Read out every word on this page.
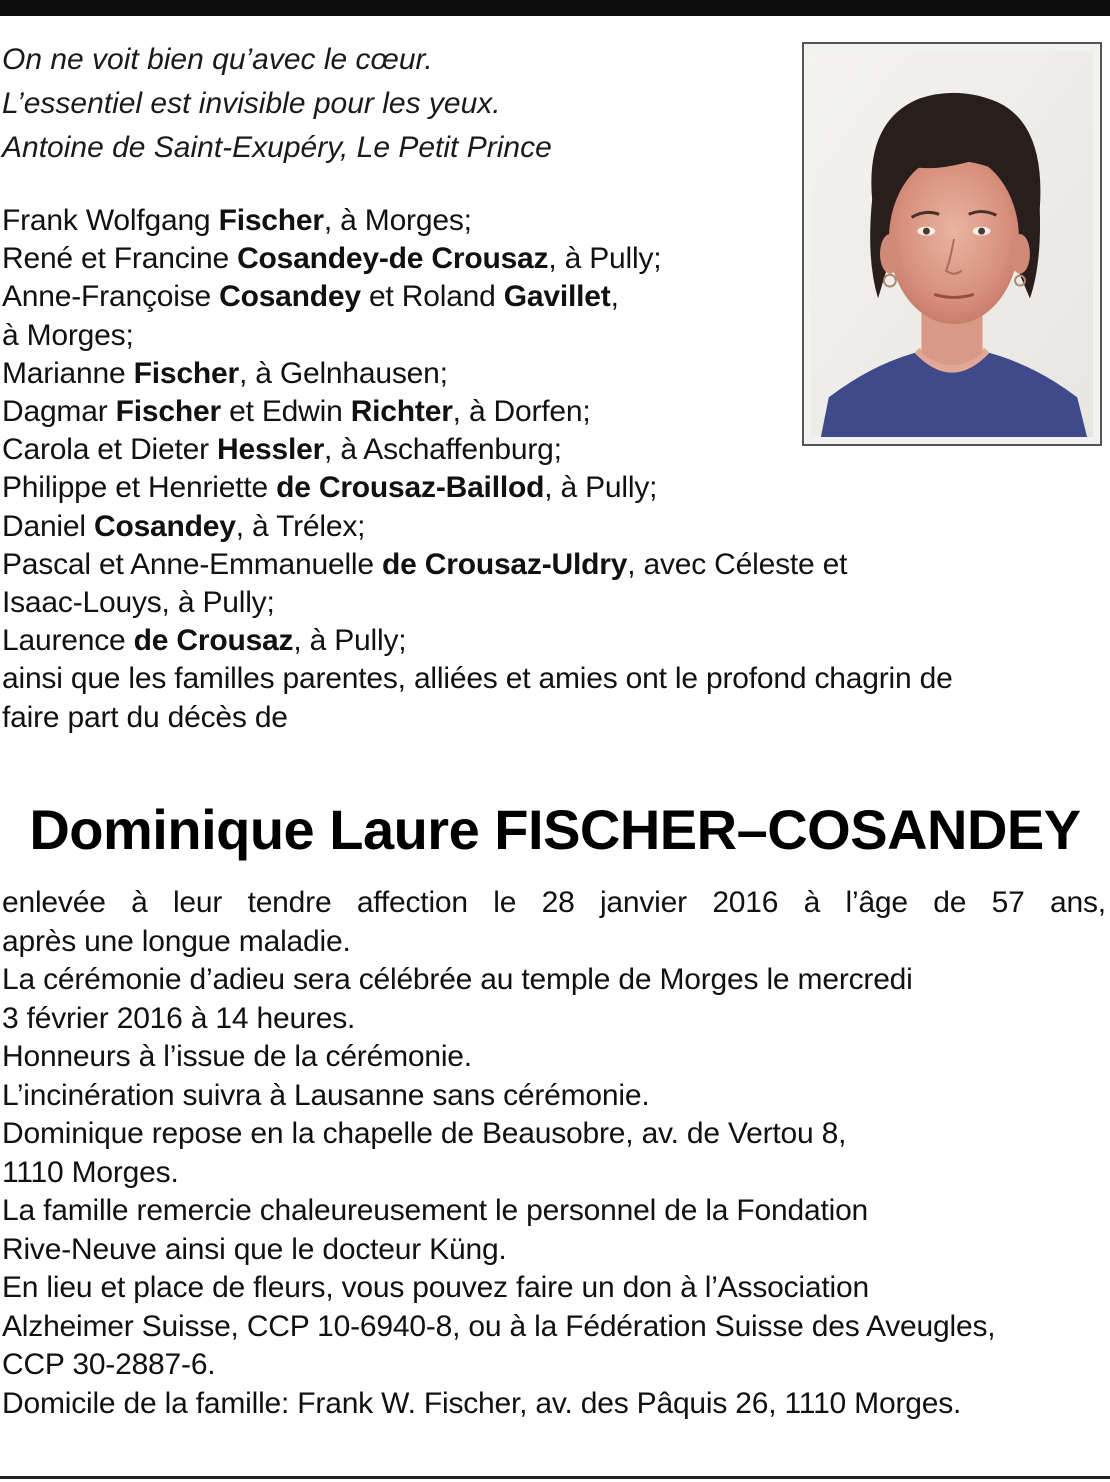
On ne voit bien qu’avec le cœur.
L’essentiel est invisible pour les yeux.
Antoine de Saint-Exupéry, Le Petit Prince
Frank Wolfgang Fischer, à Morges;
René et Francine Cosandey-de Crousaz, à Pully;
Anne-Françoise Cosandey et Roland Gavillet,
à Morges;
Marianne Fischer, à Gelnhausen;
Dagmar Fischer et Edwin Richter, à Dorfen;
Carola et Dieter Hessler, à Aschaffenburg;
Philippe et Henriette de Crousaz-Baillod, à Pully;
Daniel Cosandey, à Trélex;
Pascal et Anne-Emmanuelle de Crousaz-Uldry, avec Céleste et
Isaac-Louys, à Pully;
Laurence de Crousaz, à Pully;
ainsi que les familles parentes, alliées et amies ont le profond chagrin de
faire part du décès de
Dominique Laure FISCHER–COSANDEY
enlevée à leur tendre affection le 28 janvier 2016 à l’âge de 57 ans,
après une longue maladie.
La cérémonie d’adieu sera célébrée au temple de Morges le mercredi
3 février 2016 à 14 heures.
Honneurs à l’issue de la cérémonie.
L’incinération suivra à Lausanne sans cérémonie.
Dominique repose en la chapelle de Beausobre, av. de Vertou 8,
1110 Morges.
La famille remercie chaleureusement le personnel de la Fondation
Rive-Neuve ainsi que le docteur Küng.
En lieu et place de fleurs, vous pouvez faire un don à l’Association
Alzheimer Suisse, CCP 10-6940-8, ou à la Fédération Suisse des Aveugles,
CCP 30-2887-6.
Domicile de la famille: Frank W. Fischer, av. des Pâquis 26, 1110 Morges.
